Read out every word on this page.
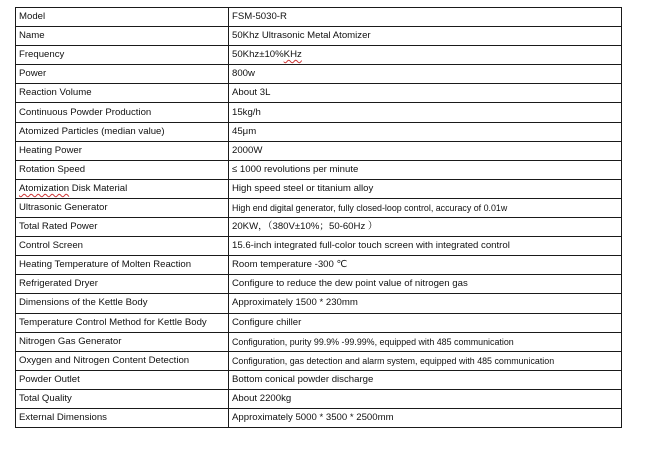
Model	FSM-5030-R
Name	50Khz Ultrasonic Metal Atomizer
Frequency	50Khz±10%KHz
Power	800w
Reaction Volume	About 3L
Continuous Powder Production	15kg/h
Atomized Particles (median value)	45μm
Heating Power	2000W
Rotation Speed	≤ 1000 revolutions per minute
Atomization Disk Material	High speed steel or titanium alloy
Ultrasonic Generator	High end digital generator, fully closed-loop control, accuracy of 0.01w
Total Rated Power	20KW，（380V±10%；50-60Hz ）
Control Screen	15.6-inch integrated full-color touch screen with integrated control
Heating Temperature of Molten Reaction	Room temperature -300 ℃
Refrigerated Dryer	Configure to reduce the dew point value of nitrogen gas
Dimensions of the Kettle Body	Approximately 1500 * 230mm
Temperature Control Method for Kettle Body	Configure chiller
Nitrogen Gas Generator	Configuration, purity 99.9% -99.99%, equipped with 485 communication
Oxygen and Nitrogen Content Detection	Configuration, gas detection and alarm system, equipped with 485 communication
Powder Outlet	Bottom conical powder discharge
Total Quality	About 2200kg
External Dimensions	Approximately 5000 * 3500 * 2500mm
